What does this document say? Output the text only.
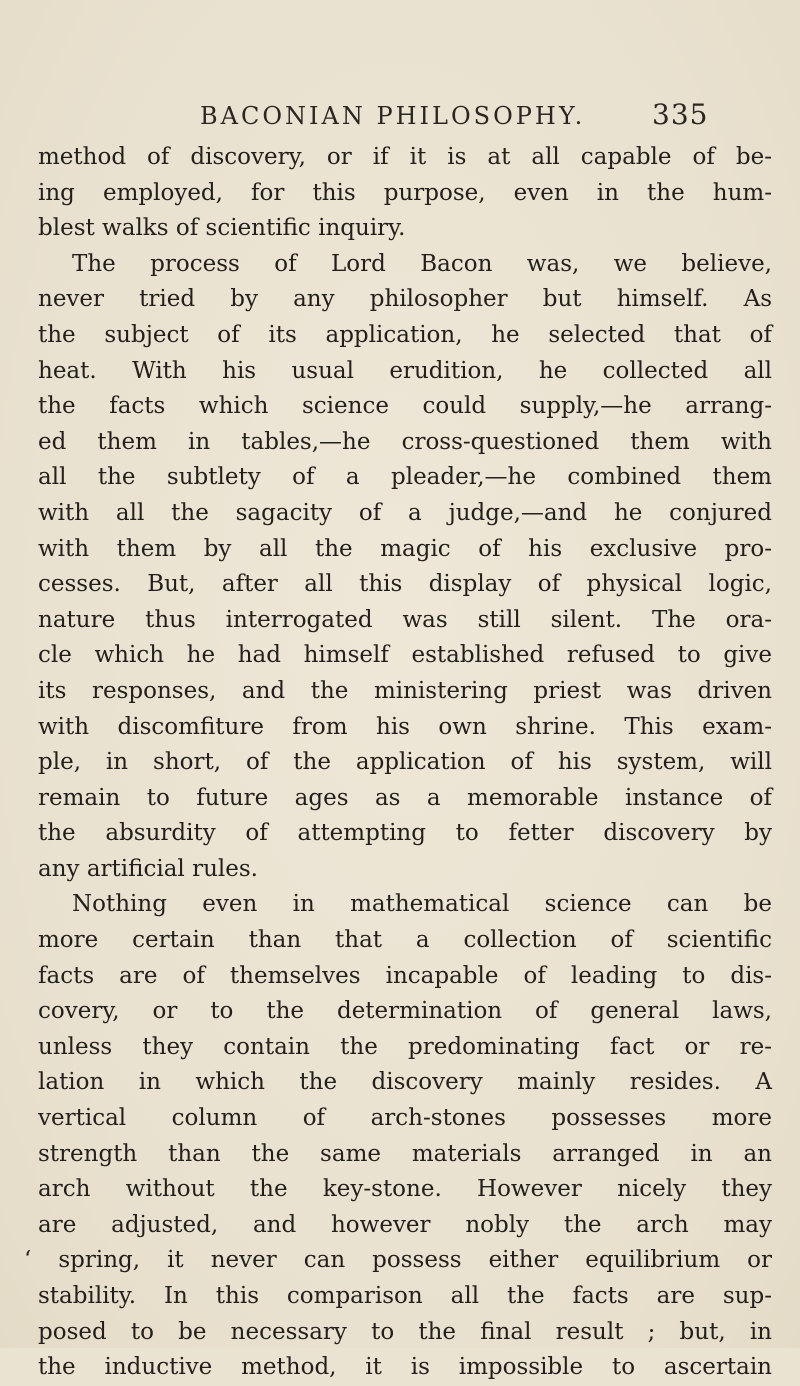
BACONIAN PHILOSOPHY. 335
method of discovery, or if it is at all capable of be-
ing employed, for this purpose, even in the hum-
blest walks of scientific inquiry.
The process of Lord Bacon was, we believe,
never tried by any philosopher but himself. As
the subject of its application, he selected that of
heat. With his usual erudition, he collected all
the facts which science could supply,—he arrang-
ed them in tables,—he cross-questioned them with
all the subtlety of a pleader,—he combined them
with all the sagacity of a judge,—and he conjured
with them by all the magic of his exclusive pro-
cesses. But, after all this display of physical logic,
nature thus interrogated was still silent. The ora-
cle which he had himself established refused to give
its responses, and the ministering priest was driven
with discomfiture from his own shrine. This exam-
ple, in short, of the application of his system, will
remain to future ages as a memorable instance of
the absurdity of attempting to fetter discovery by
any artificial rules.
Nothing even in mathematical science can be
more certain than that a collection of scientific
facts are of themselves incapable of leading to dis-
covery, or to the determination of general laws,
unless they contain the predominating fact or re-
lation in which the discovery mainly resides. A
vertical column of arch-stones possesses more
strength than the same materials arranged in an
arch without the key-stone. However nicely they
are adjusted, and however nobly the arch may
‘ spring, it never can possess either equilibrium or
stability. In this comparison all the facts are sup-
posed to be necessary to the final result ; but, in
the inductive method, it is impossible to ascertain
